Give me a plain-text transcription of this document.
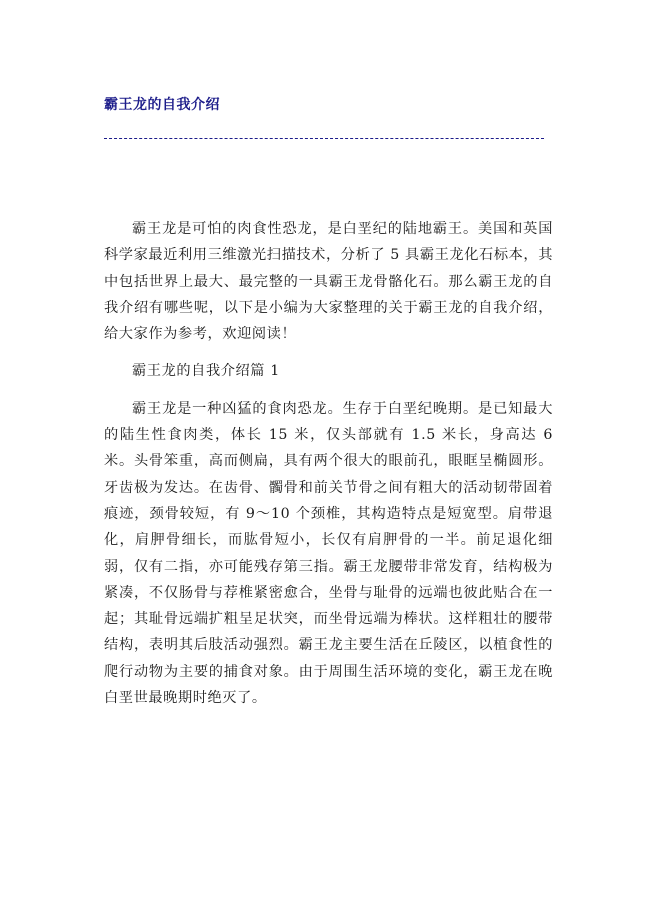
霸王龙的自我介绍

霸王龙是可怕的肉食性恐龙，是白垩纪的陆地霸王。美国和英国科学家最近利用三维激光扫描技术，分析了 5 具霸王龙化石标本，其中包括世界上最大、最完整的一具霸王龙骨骼化石。那么霸王龙的自我介绍有哪些呢，以下是小编为大家整理的关于霸王龙的自我介绍，给大家作为参考，欢迎阅读！

霸王龙的自我介绍篇 1

霸王龙是一种凶猛的食肉恐龙。生存于白垩纪晚期。是已知最大的陆生性食肉类，体长 15 米，仅头部就有 1.5 米长，身高达 6 米。头骨笨重，高而侧扁，具有两个很大的眼前孔，眼眶呈椭圆形。牙齿极为发达。在齿骨、髑骨和前关节骨之间有粗大的活动韧带固着痕迹，颈骨较短，有 9～10 个颈椎，其构造特点是短宽型。肩带退化，肩胛骨细长，而肱骨短小，长仅有肩胛骨的一半。前足退化细弱，仅有二指，亦可能残存第三指。霸王龙腰带非常发育，结构极为紧凑，不仅肠骨与荐椎紧密愈合，坐骨与耻骨的远端也彼此贴合在一起；其耻骨远端扩粗呈足状突，而坐骨远端为棒状。这样粗壮的腰带结构，表明其后肢活动强烈。霸王龙主要生活在丘陵区，以植食性的爬行动物为主要的捕食对象。由于周围生活环境的变化，霸王龙在晚白垩世最晚期时绝灭了。
